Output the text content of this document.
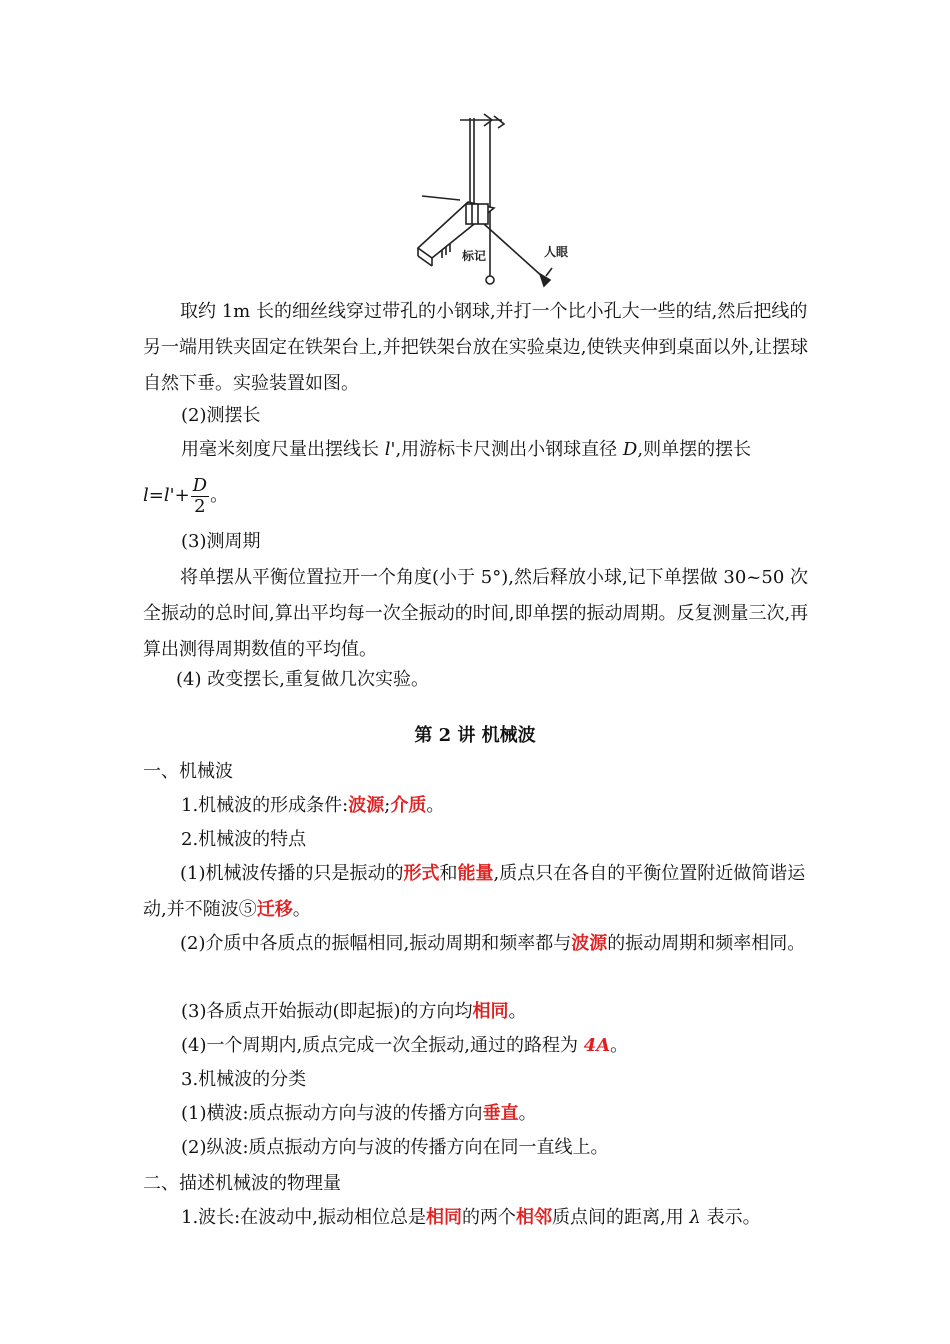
标记	人眼

取约 1m 长的细丝线穿过带孔的小钢球,并打一个比小孔大一些的结,然后把线的另一端用铁夹固定在铁架台上,并把铁架台放在实验桌边,使铁夹伸到桌面以外,让摆球自然下垂。实验装置如图。

(2)测摆长

用毫米刻度尺量出摆线长 l',用游标卡尺测出小钢球直径 D,则单摆的摆长

$l=l'+ \frac{D}{2}$ 。

(3)测周期

将单摆从平衡位置拉开一个角度(小于 5°),然后释放小球,记下单摆做 30~50 次全振动的总时间,算出平均每一次全振动的时间,即单摆的振动周期。反复测量三次,再算出测得周期数值的平均值。

(4) 改变摆长,重复做几次实验。

第 2 讲 机械波

一、机械波

1.机械波的形成条件:波源;介质。

2.机械波的特点

(1)机械波传播的只是振动的形式和能量,质点只在各自的平衡位置附近做简谐运动,并不随波⑤迁移。

(2)介质中各质点的振幅相同,振动周期和频率都与波源的振动周期和频率相同。

(3)各质点开始振动(即起振)的方向均相同。

(4)一个周期内,质点完成一次全振动,通过的路程为 4A。

3.机械波的分类

(1)横波:质点振动方向与波的传播方向垂直。

(2)纵波:质点振动方向与波的传播方向在同一直线上。

二、描述机械波的物理量

1.波长:在波动中,振动相位总是相同的两个相邻质点间的距离,用 λ 表示。
